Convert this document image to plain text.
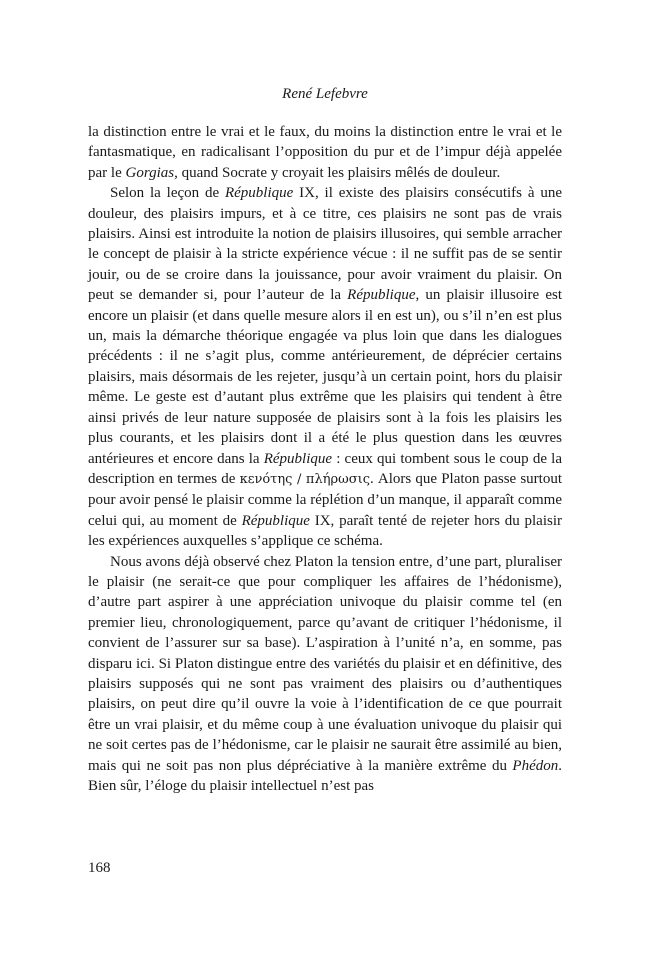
René Lefebvre

la distinction entre le vrai et le faux, du moins la distinction entre le vrai et le fantasmatique, en radicalisant l’opposition du pur et de l’impur déjà appelée par le Gorgias, quand Socrate y croyait les plaisirs mêlés de douleur.

Selon la leçon de République IX, il existe des plaisirs consécutifs à une douleur, des plaisirs impurs, et à ce titre, ces plaisirs ne sont pas de vrais plaisirs. Ainsi est introduite la notion de plaisirs illusoires, qui semble arracher le concept de plaisir à la stricte expérience vécue : il ne suffit pas de se sentir jouir, ou de se croire dans la jouissance, pour avoir vraiment du plaisir. On peut se demander si, pour l’auteur de la République, un plaisir illusoire est encore un plaisir (et dans quelle mesure alors il en est un), ou s’il n’en est plus un, mais la démarche théorique engagée va plus loin que dans les dialogues précédents : il ne s’agit plus, comme antérieurement, de déprécier certains plaisirs, mais désormais de les rejeter, jusqu’à un certain point, hors du plaisir même. Le geste est d’autant plus extrême que les plaisirs qui tendent à être ainsi privés de leur nature supposée de plaisirs sont à la fois les plaisirs les plus courants, et les plaisirs dont il a été le plus question dans les œuvres antérieures et encore dans la République : ceux qui tombent sous le coup de la description en termes de κενότης / πλήρωσις. Alors que Platon passe surtout pour avoir pensé le plaisir comme la réplétion d’un manque, il apparaît comme celui qui, au moment de République IX, paraît tenté de rejeter hors du plaisir les expériences auxquelles s’applique ce schéma.

Nous avons déjà observé chez Platon la tension entre, d’une part, pluraliser le plaisir (ne serait-ce que pour compliquer les affaires de l’hédonisme), d’autre part aspirer à une appréciation univoque du plaisir comme tel (en premier lieu, chronologiquement, parce qu’avant de critiquer l’hédonisme, il convient de l’assurer sur sa base). L’aspiration à l’unité n’a, en somme, pas disparu ici. Si Platon distingue entre des variétés du plaisir et en définitive, des plaisirs supposés qui ne sont pas vraiment des plaisirs ou d’authentiques plaisirs, on peut dire qu’il ouvre la voie à l’identification de ce que pourrait être un vrai plaisir, et du même coup à une évaluation univoque du plaisir qui ne soit certes pas de l’hédonisme, car le plaisir ne saurait être assimilé au bien, mais qui ne soit pas non plus dépréciative à la manière extrême du Phédon. Bien sûr, l’éloge du plaisir intellectuel n’est pas

168
